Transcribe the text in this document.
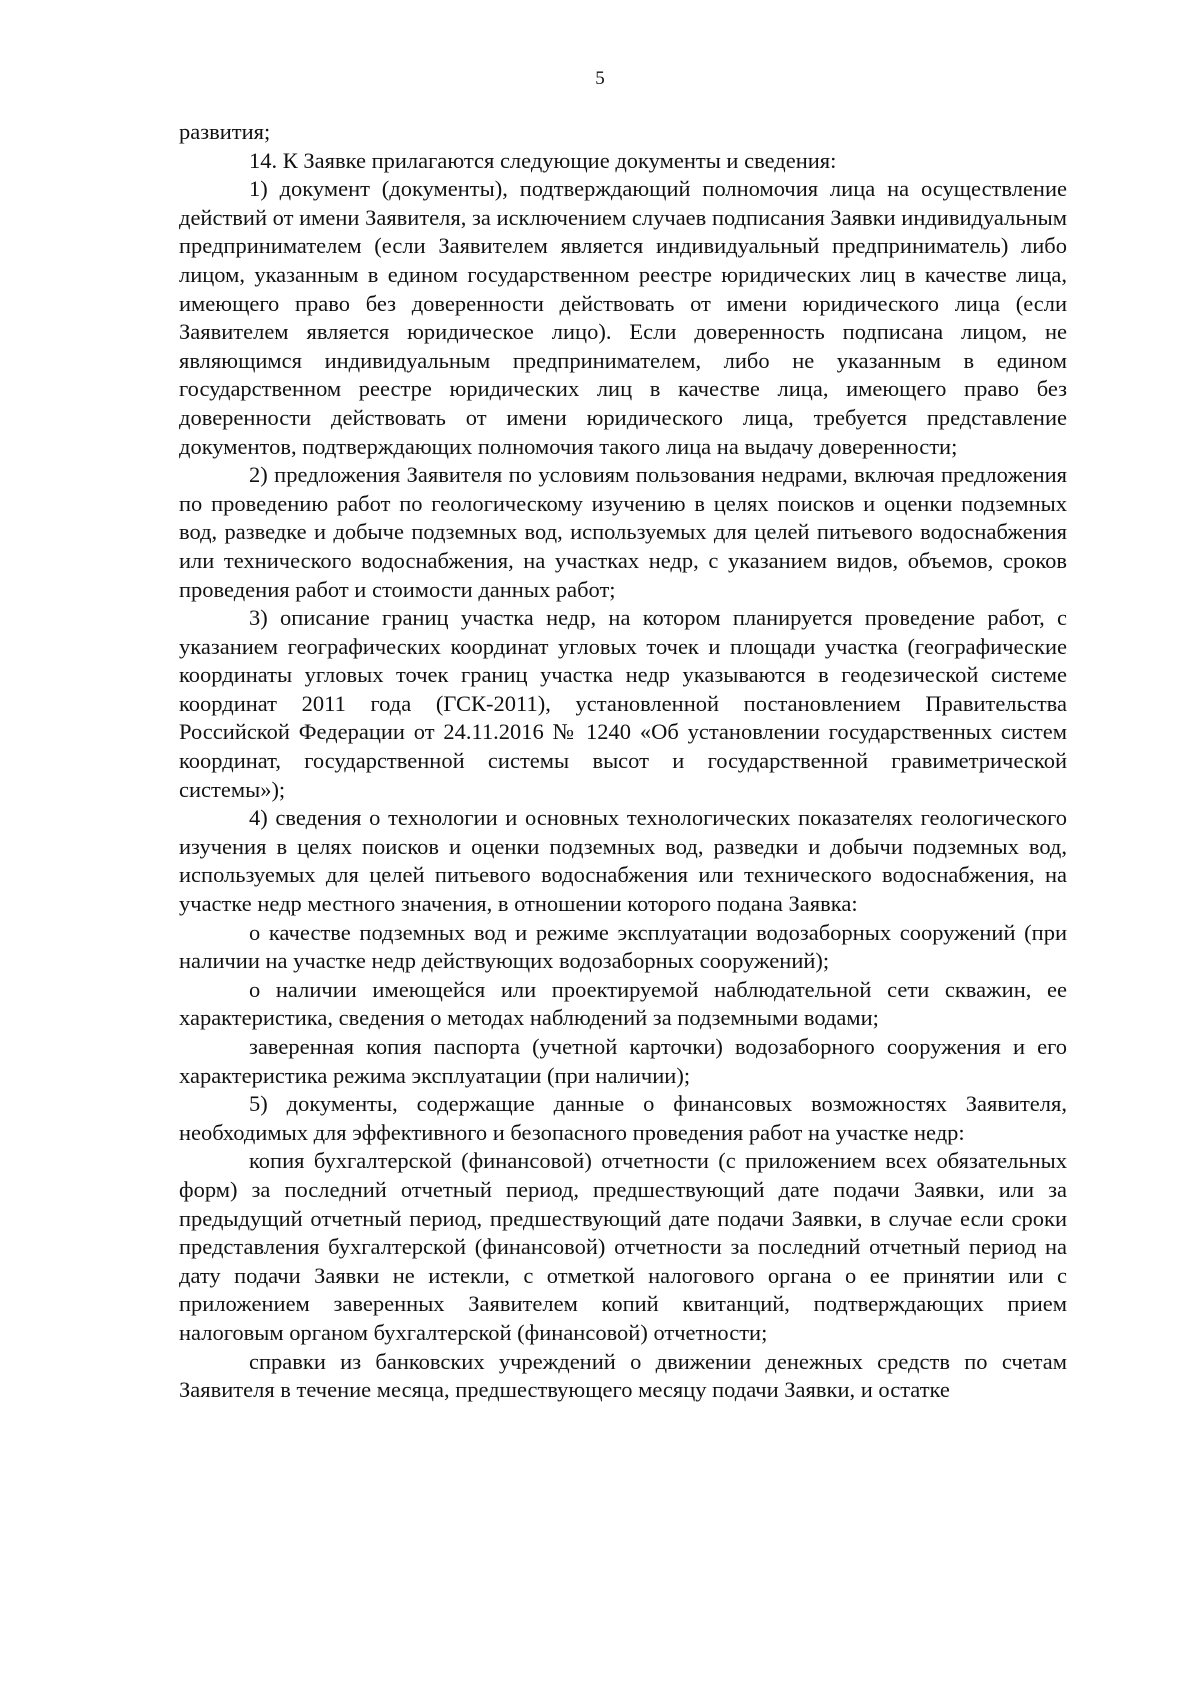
5

развития;

14. К Заявке прилагаются следующие документы и сведения:

1) документ (документы), подтверждающий полномочия лица на осуществление действий от имени Заявителя, за исключением случаев подписания Заявки индивидуальным предпринимателем (если Заявителем является индивидуальный предприниматель) либо лицом, указанным в едином государственном реестре юридических лиц в качестве лица, имеющего право без доверенности действовать от имени юридического лица (если Заявителем является юридическое лицо). Если доверенность подписана лицом, не являющимся индивидуальным предпринимателем, либо не указанным в едином государственном реестре юридических лиц в качестве лица, имеющего право без доверенности действовать от имени юридического лица, требуется представление документов, подтверждающих полномочия такого лица на выдачу доверенности;

2) предложения Заявителя по условиям пользования недрами, включая предложения по проведению работ по геологическому изучению в целях поисков и оценки подземных вод, разведке и добыче подземных вод, используемых для целей питьевого водоснабжения или технического водоснабжения, на участках недр, с указанием видов, объемов, сроков проведения работ и стоимости данных работ;

3) описание границ участка недр, на котором планируется проведение работ, с указанием географических координат угловых точек и площади участка (географические координаты угловых точек границ участка недр указываются в геодезической системе координат 2011 года (ГСК-2011), установленной постановлением Правительства Российской Федерации от 24.11.2016 № 1240 «Об установлении государственных систем координат, государственной системы высот и государственной гравиметрической системы»);

4) сведения о технологии и основных технологических показателях геологического изучения в целях поисков и оценки подземных вод, разведки и добычи подземных вод, используемых для целей питьевого водоснабжения или технического водоснабжения, на участке недр местного значения, в отношении которого подана Заявка:

о качестве подземных вод и режиме эксплуатации водозаборных сооружений (при наличии на участке недр действующих водозаборных сооружений);

о наличии имеющейся или проектируемой наблюдательной сети скважин, ее характеристика, сведения о методах наблюдений за подземными водами;

заверенная копия паспорта (учетной карточки) водозаборного сооружения и его характеристика режима эксплуатации (при наличии);

5) документы, содержащие данные о финансовых возможностях Заявителя, необходимых для эффективного и безопасного проведения работ на участке недр:

копия бухгалтерской (финансовой) отчетности (с приложением всех обязательных форм) за последний отчетный период, предшествующий дате подачи Заявки, или за предыдущий отчетный период, предшествующий дате подачи Заявки, в случае если сроки представления бухгалтерской (финансовой) отчетности за последний отчетный период на дату подачи Заявки не истекли, с отметкой налогового органа о ее принятии или с приложением заверенных Заявителем копий квитанций, подтверждающих прием налоговым органом бухгалтерской (финансовой) отчетности;

справки из банковских учреждений о движении денежных средств по счетам Заявителя в течение месяца, предшествующего месяцу подачи Заявки, и остатке
